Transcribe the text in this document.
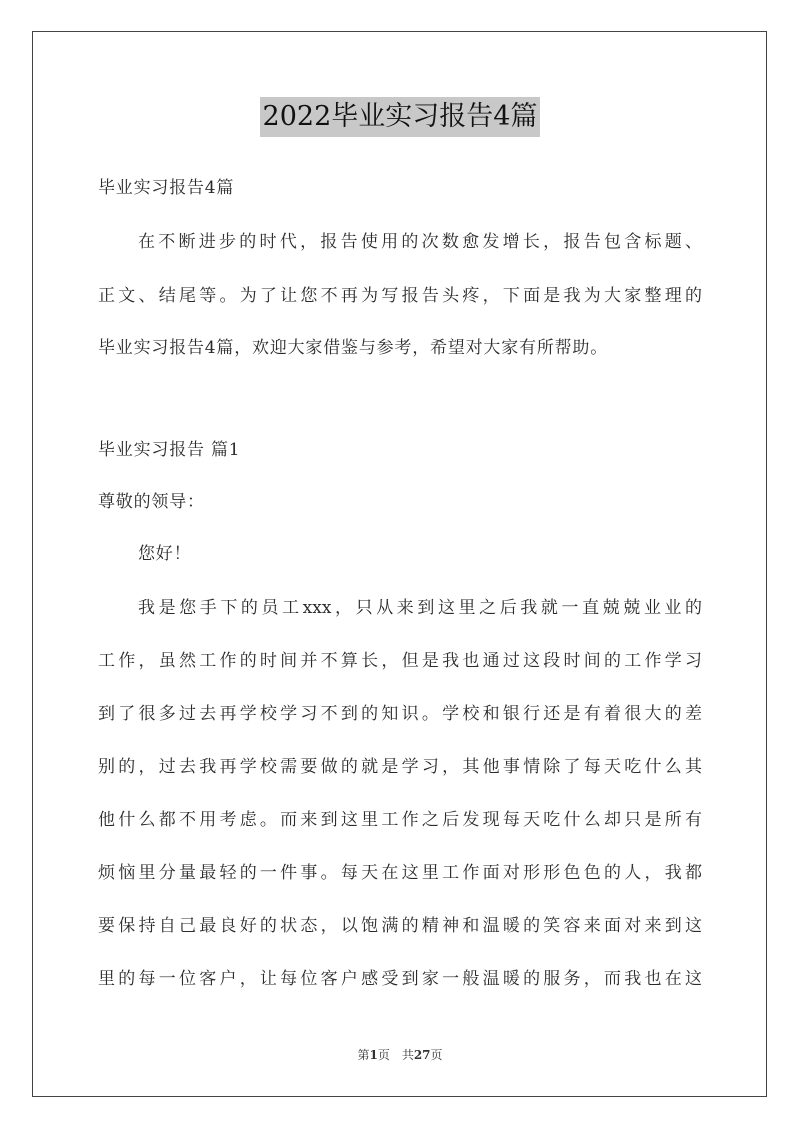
2022毕业实习报告4篇
毕业实习报告4篇
在不断进步的时代，报告使用的次数愈发增长，报告包含标题、
正文、结尾等。为了让您不再为写报告头疼，下面是我为大家整理的
毕业实习报告4篇，欢迎大家借鉴与参考，希望对大家有所帮助。
毕业实习报告 篇1
尊敬的领导：
您好！
我是您手下的员工xxx，只从来到这里之后我就一直兢兢业业的
工作，虽然工作的时间并不算长，但是我也通过这段时间的工作学习
到了很多过去再学校学习不到的知识。学校和银行还是有着很大的差
别的，过去我再学校需要做的就是学习，其他事情除了每天吃什么其
他什么都不用考虑。而来到这里工作之后发现每天吃什么却只是所有
烦恼里分量最轻的一件事。每天在这里工作面对形形色色的人，我都
要保持自己最良好的状态，以饱满的精神和温暖的笑容来面对来到这
里的每一位客户，让每位客户感受到家一般温暖的服务，而我也在这
第1页　共27页
